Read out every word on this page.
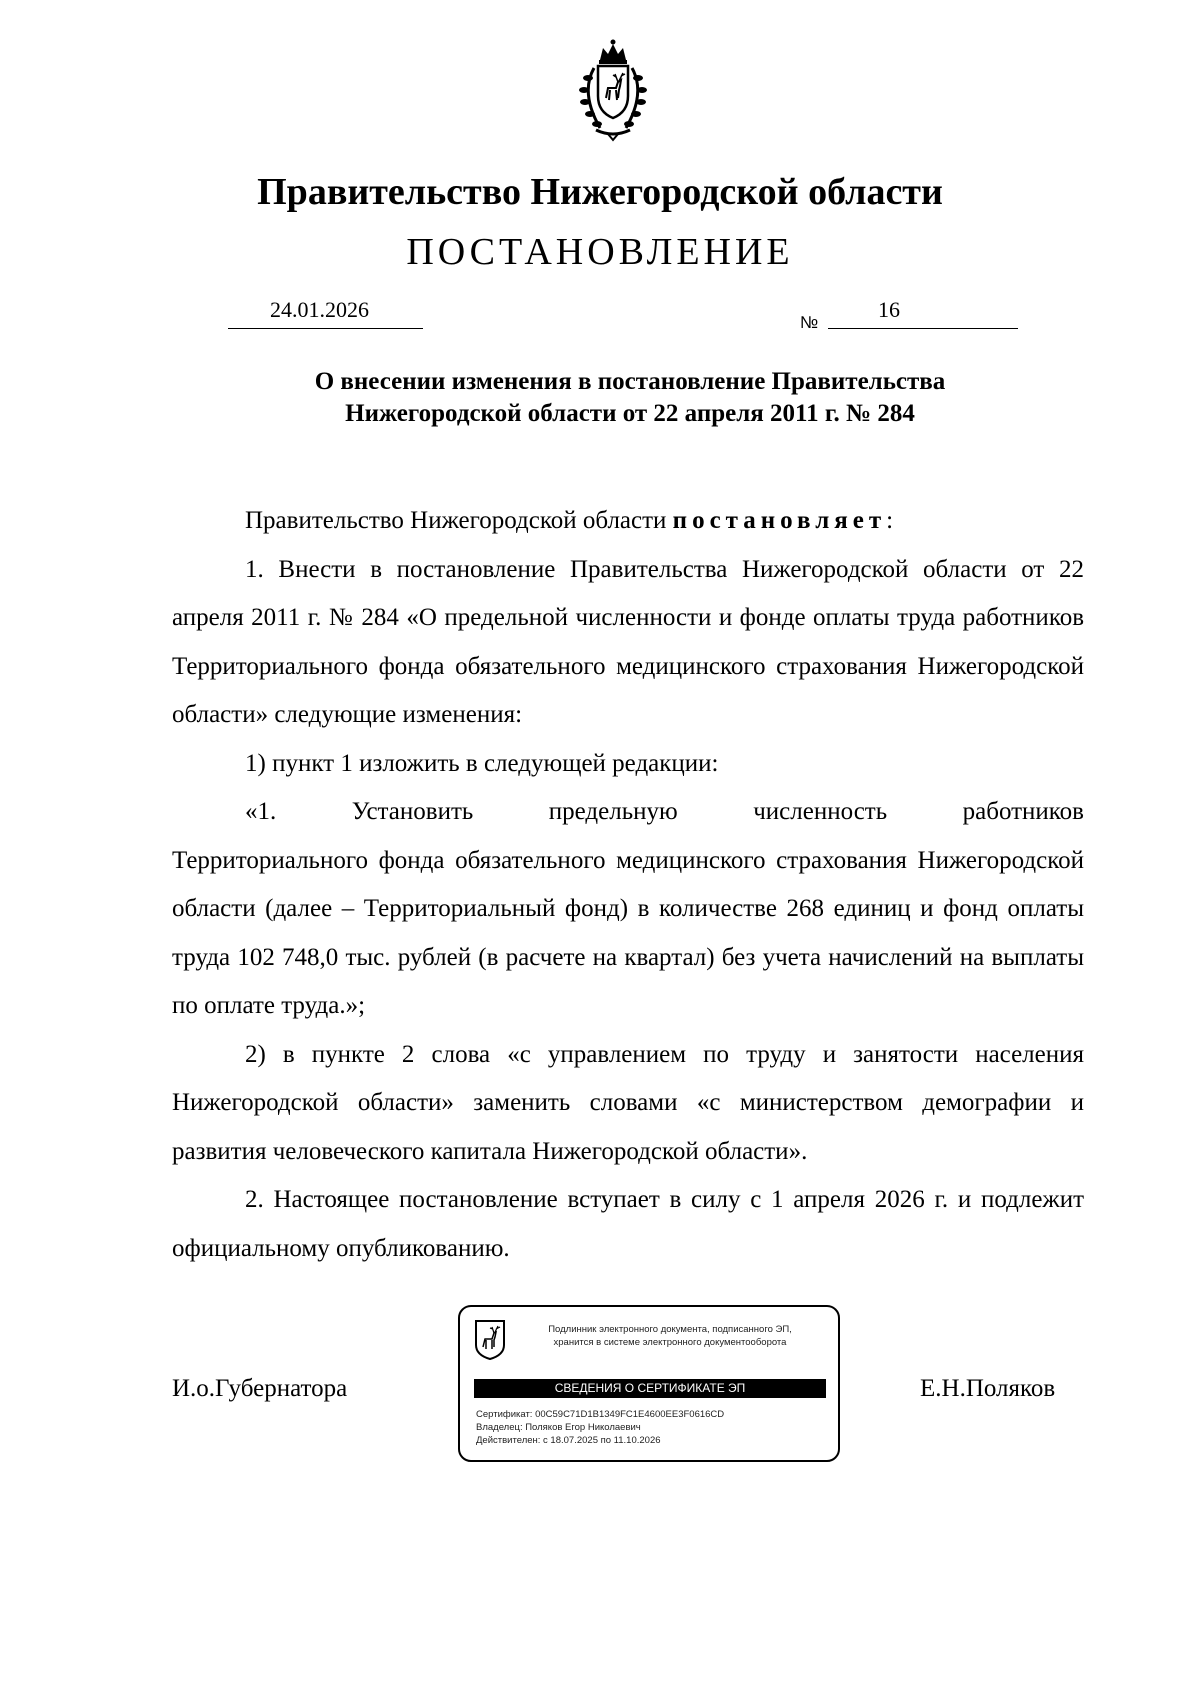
Правительство Нижегородской области
ПОСТАНОВЛЕНИЕ
24.01.2026
№
16
О внесении изменения в постановление Правительства
Нижегородской области от 22 апреля 2011 г. № 284

Правительство Нижегородской области постановляет:

1. Внести в постановление Правительства Нижегородской области от 22 апреля 2011 г. № 284 «О предельной численности и фонде оплаты труда работников Территориального фонда обязательного медицинского страхования Нижегородской области» следующие изменения:

1) пункт 1 изложить в следующей редакции:

«1. Установить предельную численность работников
Территориального фонда обязательного медицинского страхования Нижегородской области (далее – Территориальный фонд) в количестве 268 единиц и фонд оплаты труда 102 748,0 тыс. рублей (в расчете на квартал) без учета начислений на выплаты по оплате труда.»;

2) в пункте 2 слова «с управлением по труду и занятости населения Нижегородской области» заменить словами «с министерством демографии и развития человеческого капитала Нижегородской области».

2. Настоящее постановление вступает в силу с 1 апреля 2026 г. и подлежит официальному опубликованию.

И.о.Губернатора	Е.Н.Поляков
Подлинник электронного документа, подписанного ЭП,
хранится в системе электронного документооборота
СВЕДЕНИЯ О СЕРТИФИКАТЕ ЭП
Сертификат: 00C59C71D1B1349FC1E4600EE3F0616CD
Владелец: Поляков Егор Николаевич
Действителен: с 18.07.2025 по 11.10.2026
